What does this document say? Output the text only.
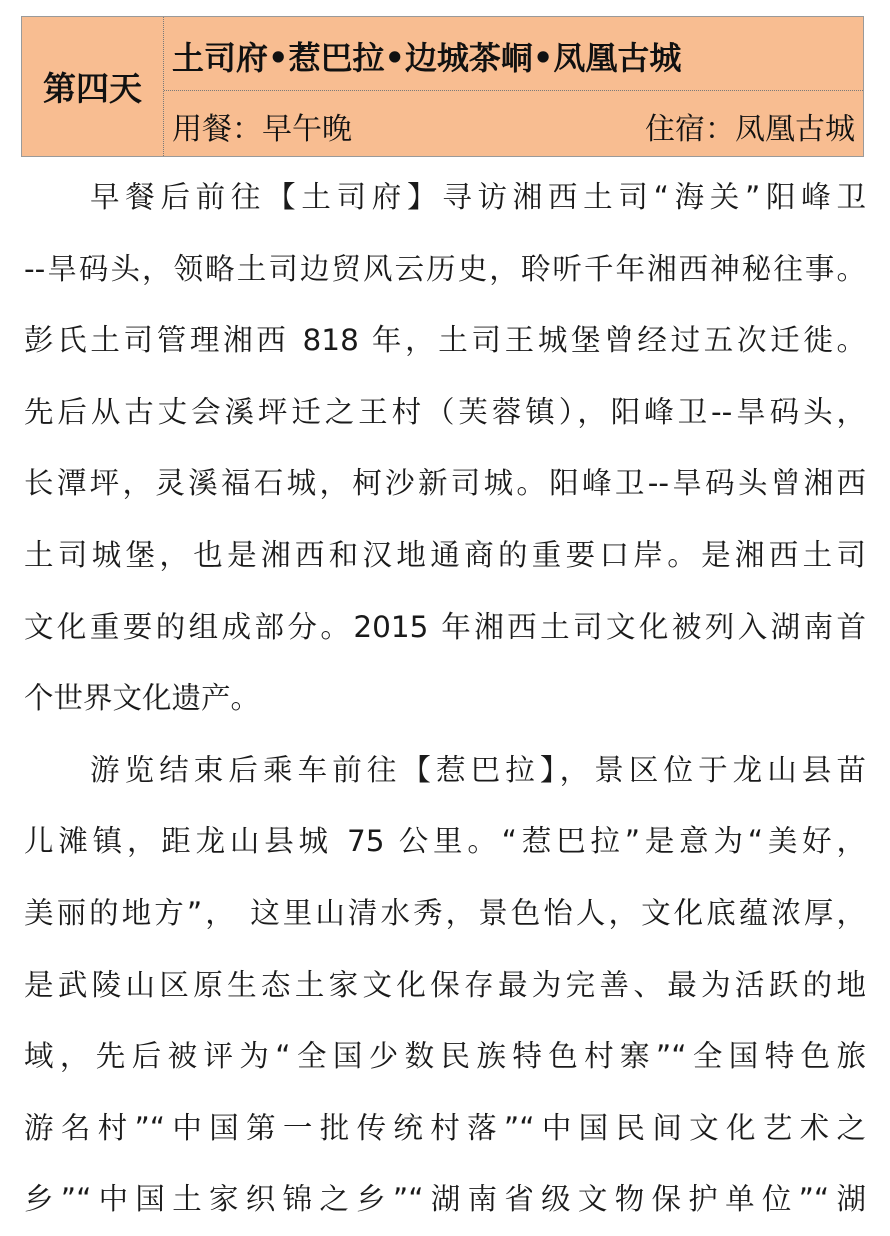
第四天
土司府•惹巴拉•边城茶峒•凤凰古城
用餐：早午晚	住宿：凤凰古城
早餐后前往【土司府】寻访湘西土司“海关”阳峰卫
--旱码头，领略土司边贸风云历史，聆听千年湘西神秘往事。
彭氏土司管理湘西 818 年，土司王城堡曾经过五次迁徙。
先后从古丈会溪坪迁之王村（芙蓉镇），阳峰卫--旱码头，
长潭坪，灵溪福石城，柯沙新司城。阳峰卫--旱码头曾湘西
土司城堡，也是湘西和汉地通商的重要口岸。是湘西土司
文化重要的组成部分。2015 年湘西土司文化被列入湖南首
个世界文化遗产。
游览结束后乘车前往【惹巴拉】，景区位于龙山县苗
儿滩镇，距龙山县城 75 公里。“惹巴拉”是意为“美好，
美丽的地方”， 这里山清水秀，景色怡人，文化底蕴浓厚，
是武陵山区原生态土家文化保存最为完善、最为活跃的地
域，先后被评为“全国少数民族特色村寨”“全国特色旅
游名村”“中国第一批传统村落”“中国民间文化艺术之
乡”“中国土家织锦之乡”“湖南省级文物保护单位”“湖
